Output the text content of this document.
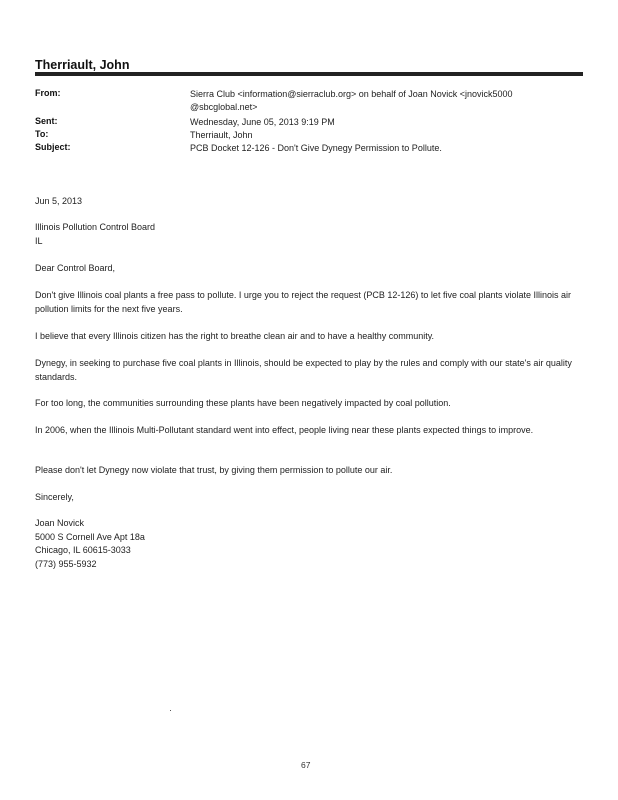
Therriault, John
From:	Sierra Club <information@sierraclub.org> on behalf of Joan Novick <jnovick5000
@sbcglobal.net>
Sent:	Wednesday, June 05, 2013 9:19 PM
To:	Therriault, John
Subject:	PCB Docket 12-126 - Don't Give Dynegy Permission to Pollute.
Jun 5, 2013
Illinois Pollution Control Board
IL
Dear Control Board,
Don't give Illinois coal plants a free pass to pollute. I urge you to reject the request (PCB 12-126) to let five coal plants violate Illinois air pollution limits for the next five years.
I believe that every Illinois citizen has the right to breathe clean air and to have a healthy community.
Dynegy, in seeking to purchase five coal plants in Illinois, should be expected to play by the rules and comply with our state's air quality standards.
For too long, the communities surrounding these plants have been negatively impacted by coal pollution.
In 2006, when the Illinois Multi-Pollutant standard went into effect, people living near these plants expected things to improve.
Please don't let Dynegy now violate that trust, by giving them permission to pollute our air.
Sincerely,
Joan Novick
5000 S Cornell Ave Apt 18a
Chicago, IL 60615-3033
(773) 955-5932
67
